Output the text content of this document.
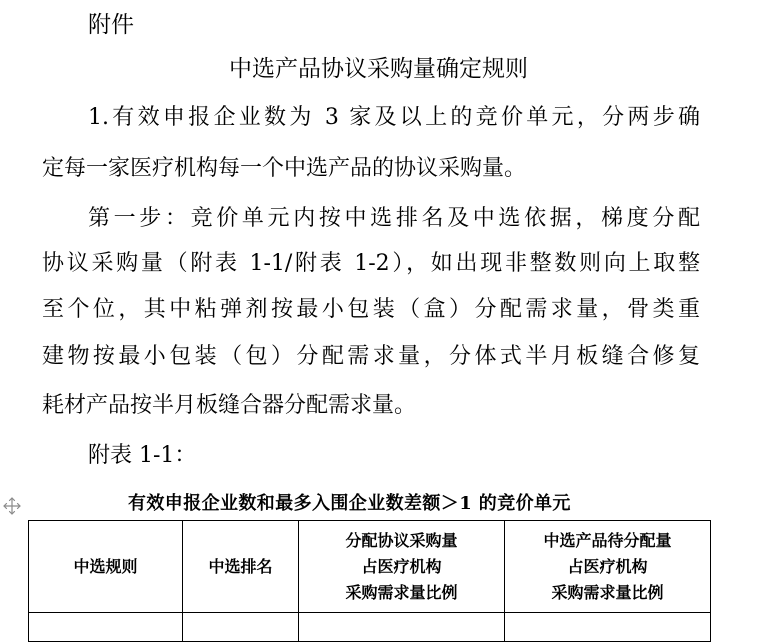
附件
中选产品协议采购量确定规则
1.有效申报企业数为 3 家及以上的竞价单元，分两步确
定每一家医疗机构每一个中选产品的协议采购量。
第一步：竞价单元内按中选排名及中选依据，梯度分配
协议采购量（附表 1-1/附表 1-2），如出现非整数则向上取整
至个位，其中粘弹剂按最小包装（盒）分配需求量，骨类重
建物按最小包装（包）分配需求量，分体式半月板缝合修复
耗材产品按半月板缝合器分配需求量。
附表 1-1：
有效申报企业数和最多入围企业数差额＞1 的竞价单元
中选规则	中选排名	分配协议采购量
占医疗机构
采购需求量比例	中选产品待分配量
占医疗机构
采购需求量比例
